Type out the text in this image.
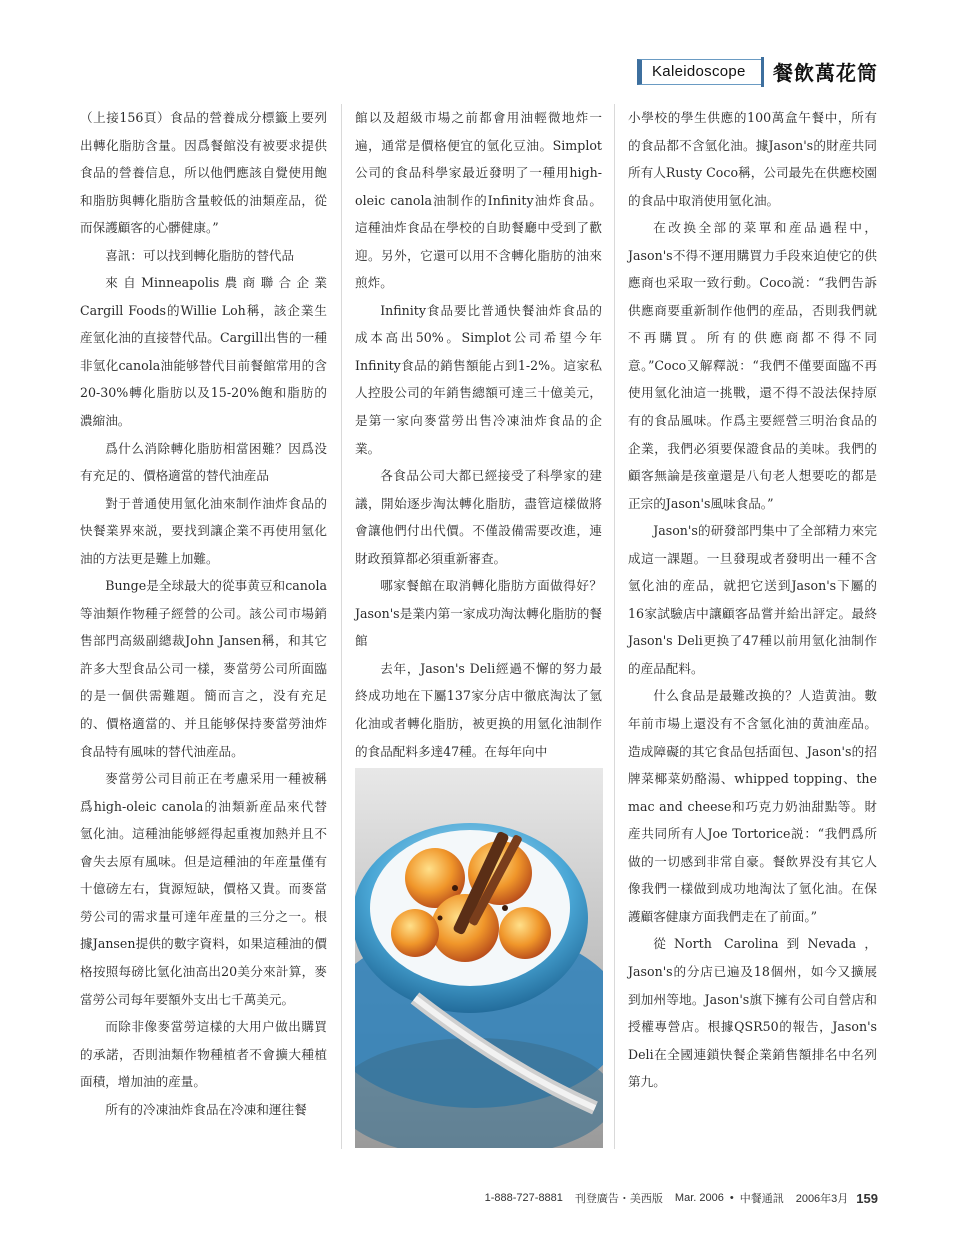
Kaleidoscope 餐飲萬花筒

（上接156頁）食品的營養成分標籤上要列出轉化脂肪含量。因爲餐館没有被要求提供食品的營養信息，所以他們應該自覺使用飽和脂肪與轉化脂肪含量較低的油類産品，從而保護顧客的心髒健康。”

喜訊：可以找到轉化脂肪的替代品

來自Minneapolis農商聯合企業Cargill Foods的Willie Loh稱，該企業生産氫化油的直接替代品。Cargill出售的一種非氫化canola油能够替代目前餐館常用的含20-30%轉化脂肪以及15-20%飽和脂肪的濃縮油。

爲什么消除轉化脂肪相當困難？因爲没有充足的、價格適當的替代油産品

對于普通使用氫化油來制作油炸食品的快餐業界來説，要找到讓企業不再使用氫化油的方法更是難上加難。

Bunge是全球最大的從事黄豆和canola等油類作物種子經營的公司。該公司市場銷售部門高級副總裁John Jansen稱，和其它許多大型食品公司一樣，麥當勞公司所面臨的是一個供需難題。簡而言之，没有充足的、價格適當的、并且能够保持麥當勞油炸食品特有風味的替代油産品。

麥當勞公司目前正在考慮采用一種被稱爲high-oleic canola的油類新産品來代替氫化油。這種油能够經得起重複加熱并且不會失去原有風味。但是這種油的年産量僅有十億磅左右，貨源短缺，價格又貴。而麥當勞公司的需求量可達年産量的三分之一。根據Jansen提供的數字資料，如果這種油的價格按照每磅比氫化油高出20美分來計算，麥當勞公司每年要額外支出七千萬美元。

而除非像麥當勞這樣的大用户做出購買的承諾，否則油類作物種植者不會擴大種植面積，增加油的産量。

所有的冷凍油炸食品在冷凍和運往餐

館以及超級市場之前都會用油輕微地炸一遍，通常是價格便宜的氫化豆油。Simplot公司的食品科學家最近發明了一種用high-oleic canola油制作的Infinity油炸食品。這種油炸食品在學校的自助餐廳中受到了歡迎。另外，它還可以用不含轉化脂肪的油來煎炸。

Infinity食品要比普通快餐油炸食品的成本高出50%。Simplot公司希望今年Infinity食品的銷售額能占到1-2%。這家私人控股公司的年銷售總額可達三十億美元，是第一家向麥當勞出售冷凍油炸食品的企業。

各食品公司大都已經接受了科學家的建議，開始逐步淘汰轉化脂肪，盡管這樣做將會讓他們付出代價。不僅設備需要改進，連財政預算都必須重新審查。

哪家餐館在取消轉化脂肪方面做得好？Jason's是業内第一家成功淘汰轉化脂肪的餐館

去年，Jason's Deli經過不懈的努力最終成功地在下屬137家分店中徹底淘汰了氫化油或者轉化脂肪，被更换的用氫化油制作的食品配料多達47種。在每年向中

小學校的學生供應的100萬盒午餐中，所有的食品都不含氫化油。據Jason's的財産共同所有人Rusty Coco稱，公司最先在供應校園的食品中取消使用氫化油。

在改换全部的菜單和産品過程中，Jason's不得不運用購買力手段來迫使它的供應商也采取一致行動。Coco説：“我們告訴供應商要重新制作他們的産品，否則我們就不再購買。所有的供應商都不得不同意。”Coco又解釋説：“我們不僅要面臨不再使用氫化油這一挑戰，還不得不設法保持原有的食品風味。作爲主要經營三明治食品的企業，我們必須要保證食品的美味。我們的顧客無論是孩童還是八旬老人想要吃的都是正宗的Jason's風味食品。”

Jason's的研發部門集中了全部精力來完成這一課題。一旦發現或者發明出一種不含氫化油的産品，就把它送到Jason's下屬的16家試驗店中讓顧客品嘗并給出評定。最終Jason's Deli更换了47種以前用氫化油制作的産品配料。

什么食品是最難改换的？人造黄油。數年前市場上還没有不含氫化油的黄油産品。造成障礙的其它食品包括面包、Jason's的招牌菜椰菜奶酪湯、whipped topping、the mac and cheese和巧克力奶油甜點等。財産共同所有人Joe Tortorice説：“我們爲所做的一切感到非常自豪。餐飲界没有其它人像我們一樣做到成功地淘汰了氫化油。在保護顧客健康方面我們走在了前面。”

從North Carolina到Nevada，Jason's的分店已遍及18個州，如今又擴展到加州等地。Jason's旗下擁有公司自營店和授權專營店。根據QSR50的報告，Jason's Deli在全國連鎖快餐企業銷售額排名中名列第九。

1-888-727-8881 刊登廣告・美西版 Mar. 2006 • 中餐通訊 2006年3月 159
